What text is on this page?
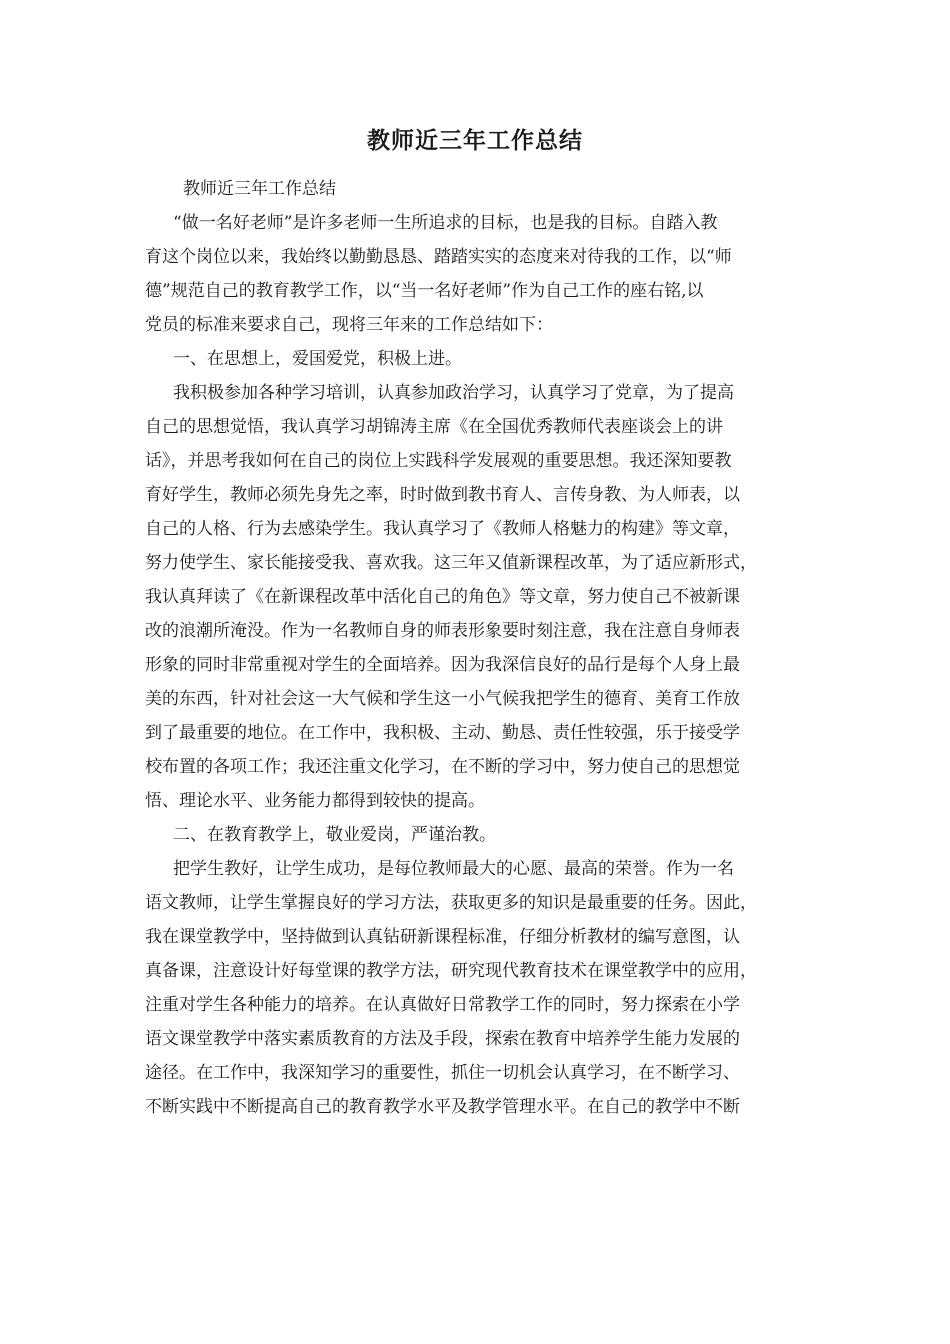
教师近三年工作总结
教师近三年工作总结
“做一名好老师”是许多老师一生所追求的目标，也是我的目标。自踏入教
育这个岗位以来，我始终以勤勤恳恳、踏踏实实的态度来对待我的工作，以“师
德”规范自己的教育教学工作，以“当一名好老师”作为自己工作的座右铭,以
党员的标准来要求自己，现将三年来的工作总结如下：
一、在思想上，爱国爱党，积极上进。
我积极参加各种学习培训，认真参加政治学习，认真学习了党章，为了提高
自己的思想觉悟，我认真学习胡锦涛主席《在全国优秀教师代表座谈会上的讲
话》，并思考我如何在自己的岗位上实践科学发展观的重要思想。我还深知要教
育好学生，教师必须先身先之率，时时做到教书育人、言传身教、为人师表，以
自己的人格、行为去感染学生。我认真学习了《教师人格魅力的构建》等文章，
努力使学生、家长能接受我、喜欢我。这三年又值新课程改革，为了适应新形式，
我认真拜读了《在新课程改革中活化自己的角色》等文章，努力使自己不被新课
改的浪潮所淹没。作为一名教师自身的师表形象要时刻注意，我在注意自身师表
形象的同时非常重视对学生的全面培养。因为我深信良好的品行是每个人身上最
美的东西，针对社会这一大气候和学生这一小气候我把学生的德育、美育工作放
到了最重要的地位。在工作中，我积极、主动、勤恳、责任性较强，乐于接受学
校布置的各项工作；我还注重文化学习，在不断的学习中，努力使自己的思想觉
悟、理论水平、业务能力都得到较快的提高。
二、在教育教学上，敬业爱岗，严谨治教。
把学生教好，让学生成功，是每位教师最大的心愿、最高的荣誉。作为一名
语文教师，让学生掌握良好的学习方法，获取更多的知识是最重要的任务。因此，
我在课堂教学中，坚持做到认真钻研新课程标准，仔细分析教材的编写意图，认
真备课，注意设计好每堂课的教学方法，研究现代教育技术在课堂教学中的应用，
注重对学生各种能力的培养。在认真做好日常教学工作的同时，努力探索在小学
语文课堂教学中落实素质教育的方法及手段，探索在教育中培养学生能力发展的
途径。在工作中，我深知学习的重要性，抓住一切机会认真学习，在不断学习、
不断实践中不断提高自己的教育教学水平及教学管理水平。在自己的教学中不断
